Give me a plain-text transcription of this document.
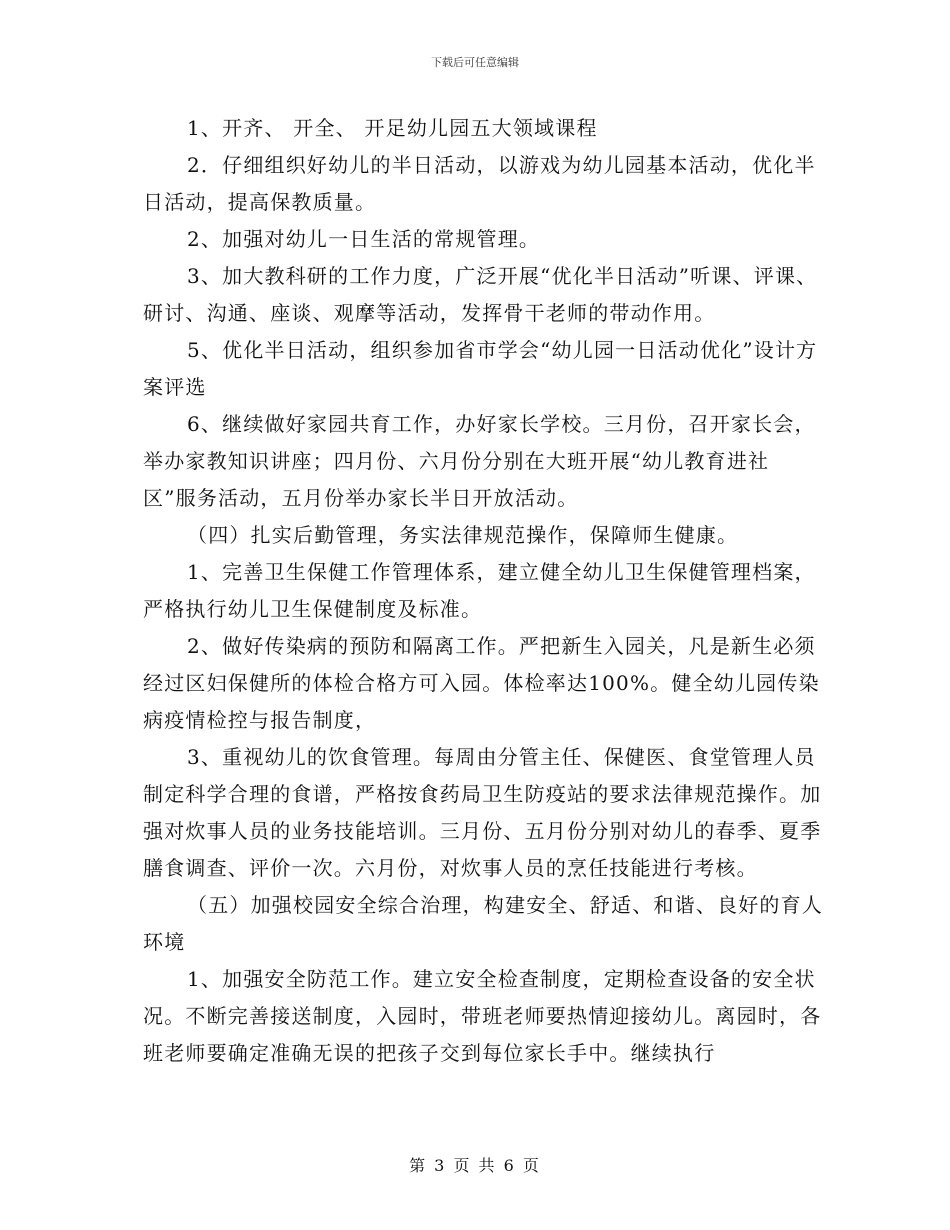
下载后可任意编辑

1、开齐、 开全、 开足幼儿园五大领域课程

2．仔细组织好幼儿的半日活动，以游戏为幼儿园基本活动，优化半日活动，提高保教质量。

2、加强对幼儿一日生活的常规管理。

3、加大教科研的工作力度，广泛开展“优化半日活动”听课、评课、研讨、沟通、座谈、观摩等活动，发挥骨干老师的带动作用。

5、优化半日活动，组织参加省市学会“幼儿园一日活动优化”设计方案评选

6、继续做好家园共育工作，办好家长学校。三月份，召开家长会，举办家教知识讲座；四月份、六月份分别在大班开展“幼儿教育进社区”服务活动，五月份举办家长半日开放活动。

（四）扎实后勤管理，务实法律规范操作，保障师生健康。

1、完善卫生保健工作管理体系，建立健全幼儿卫生保健管理档案，严格执行幼儿卫生保健制度及标准。

2、做好传染病的预防和隔离工作。严把新生入园关，凡是新生必须经过区妇保健所的体检合格方可入园。体检率达100%。健全幼儿园传染病疫情检控与报告制度，

3、重视幼儿的饮食管理。每周由分管主任、保健医、食堂管理人员制定科学合理的食谱，严格按食药局卫生防疫站的要求法律规范操作。加强对炊事人员的业务技能培训。三月份、五月份分别对幼儿的春季、夏季膳食调查、评价一次。六月份，对炊事人员的烹任技能进行考核。

（五）加强校园安全综合治理，构建安全、舒适、和谐、良好的育人环境

1、加强安全防范工作。建立安全检查制度，定期检查设备的安全状况。不断完善接送制度，入园时，带班老师要热情迎接幼儿。离园时，各班老师要确定准确无误的把孩子交到每位家长手中。继续执行

第 3 页 共 6 页
